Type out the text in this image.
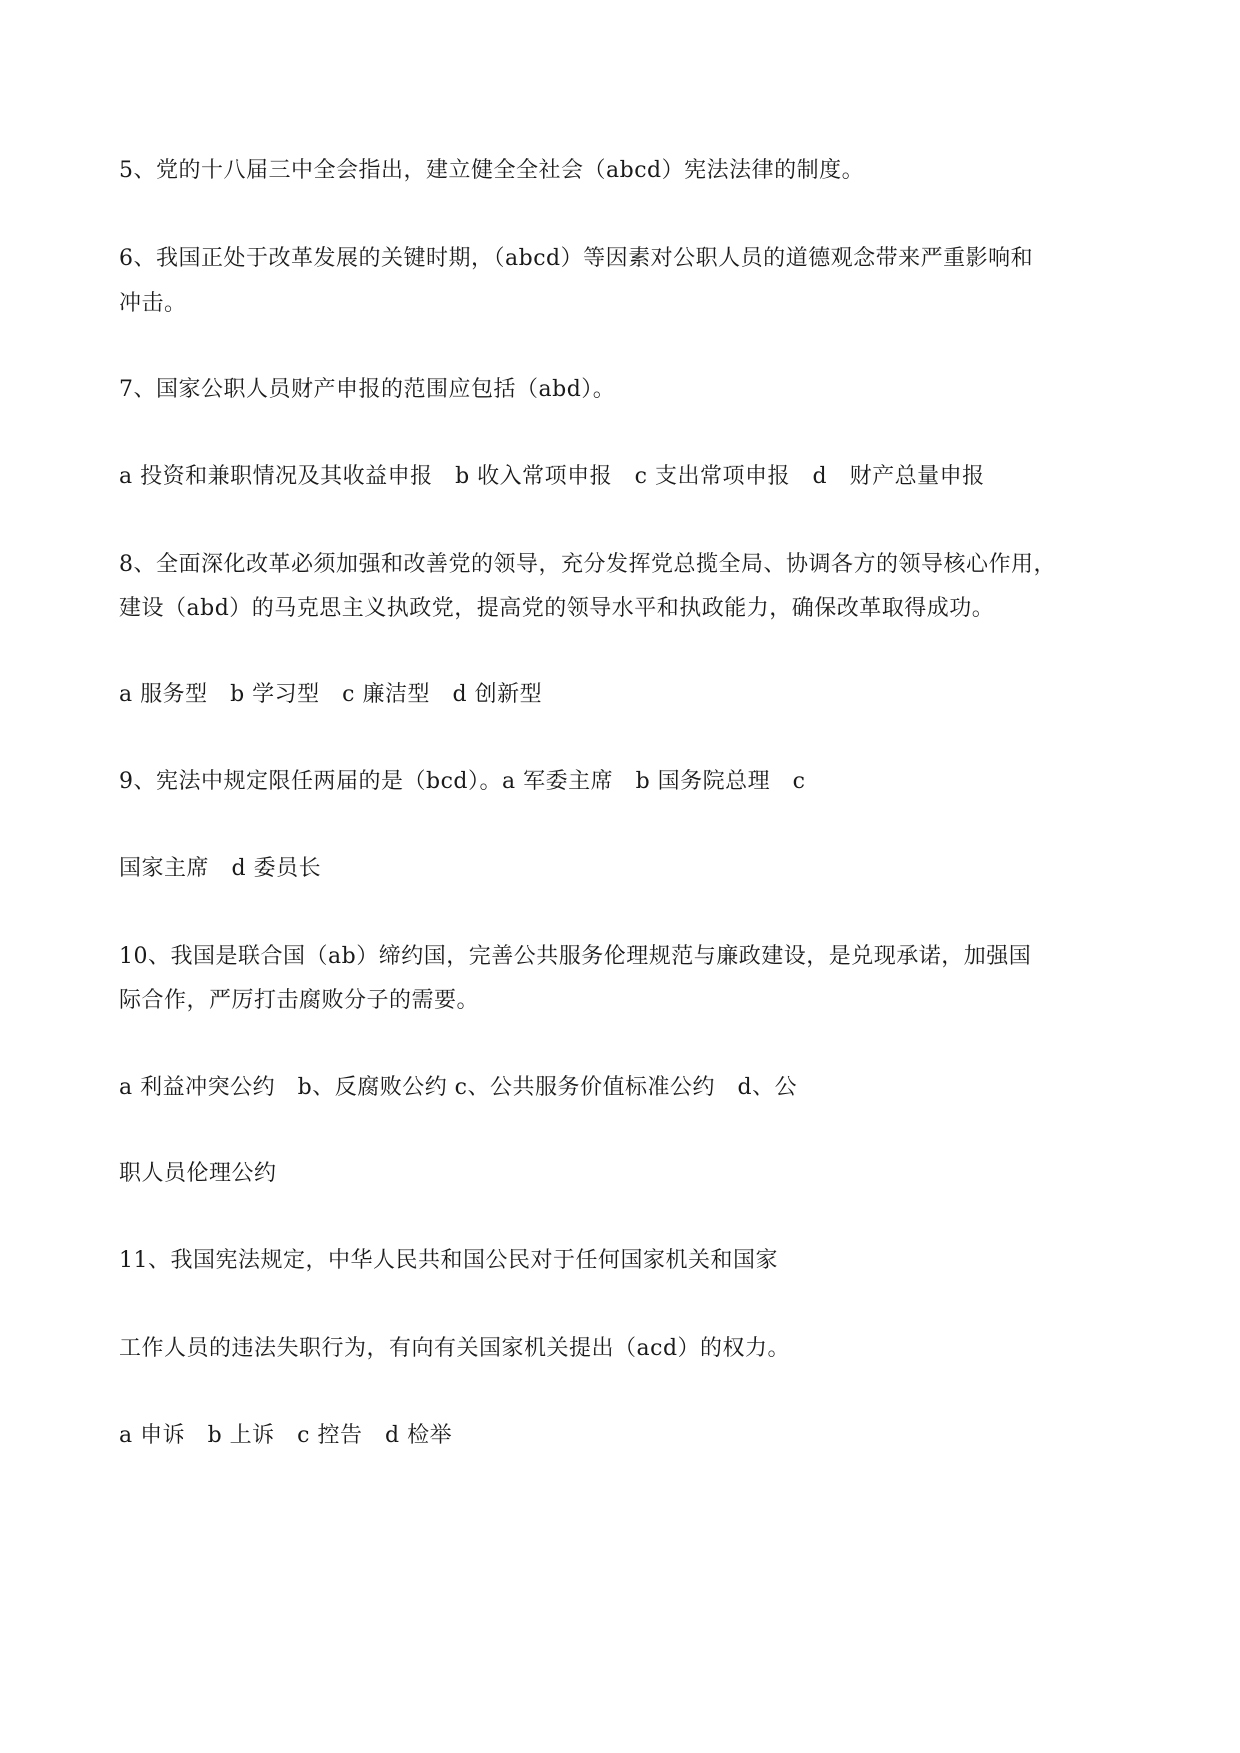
5、党的十八届三中全会指出，建立健全全社会（abcd）宪法法律的制度。
6、我国正处于改革发展的关键时期，（abcd）等因素对公职人员的道德观念带来严重影响和
冲击。
7、国家公职人员财产申报的范围应包括（abd）。
a 投资和兼职情况及其收益申报　b 收入常项申报　c 支出常项申报　d　财产总量申报
8、全面深化改革必须加强和改善党的领导，充分发挥党总揽全局、协调各方的领导核心作用，
建设（abd）的马克思主义执政党，提高党的领导水平和执政能力，确保改革取得成功。
a 服务型　b 学习型　c 廉洁型　d 创新型
9、宪法中规定限任两届的是（bcd）。a 军委主席　b 国务院总理　c
国家主席　d 委员长
10、我国是联合国（ab）缔约国，完善公共服务伦理规范与廉政建设，是兑现承诺，加强国
际合作，严厉打击腐败分子的需要。
a 利益冲突公约　b、反腐败公约 c、公共服务价值标准公约　d、公
职人员伦理公约
11、我国宪法规定，中华人民共和国公民对于任何国家机关和国家
工作人员的违法失职行为，有向有关国家机关提出（acd）的权力。
a 申诉　b 上诉　c 控告　d 检举
